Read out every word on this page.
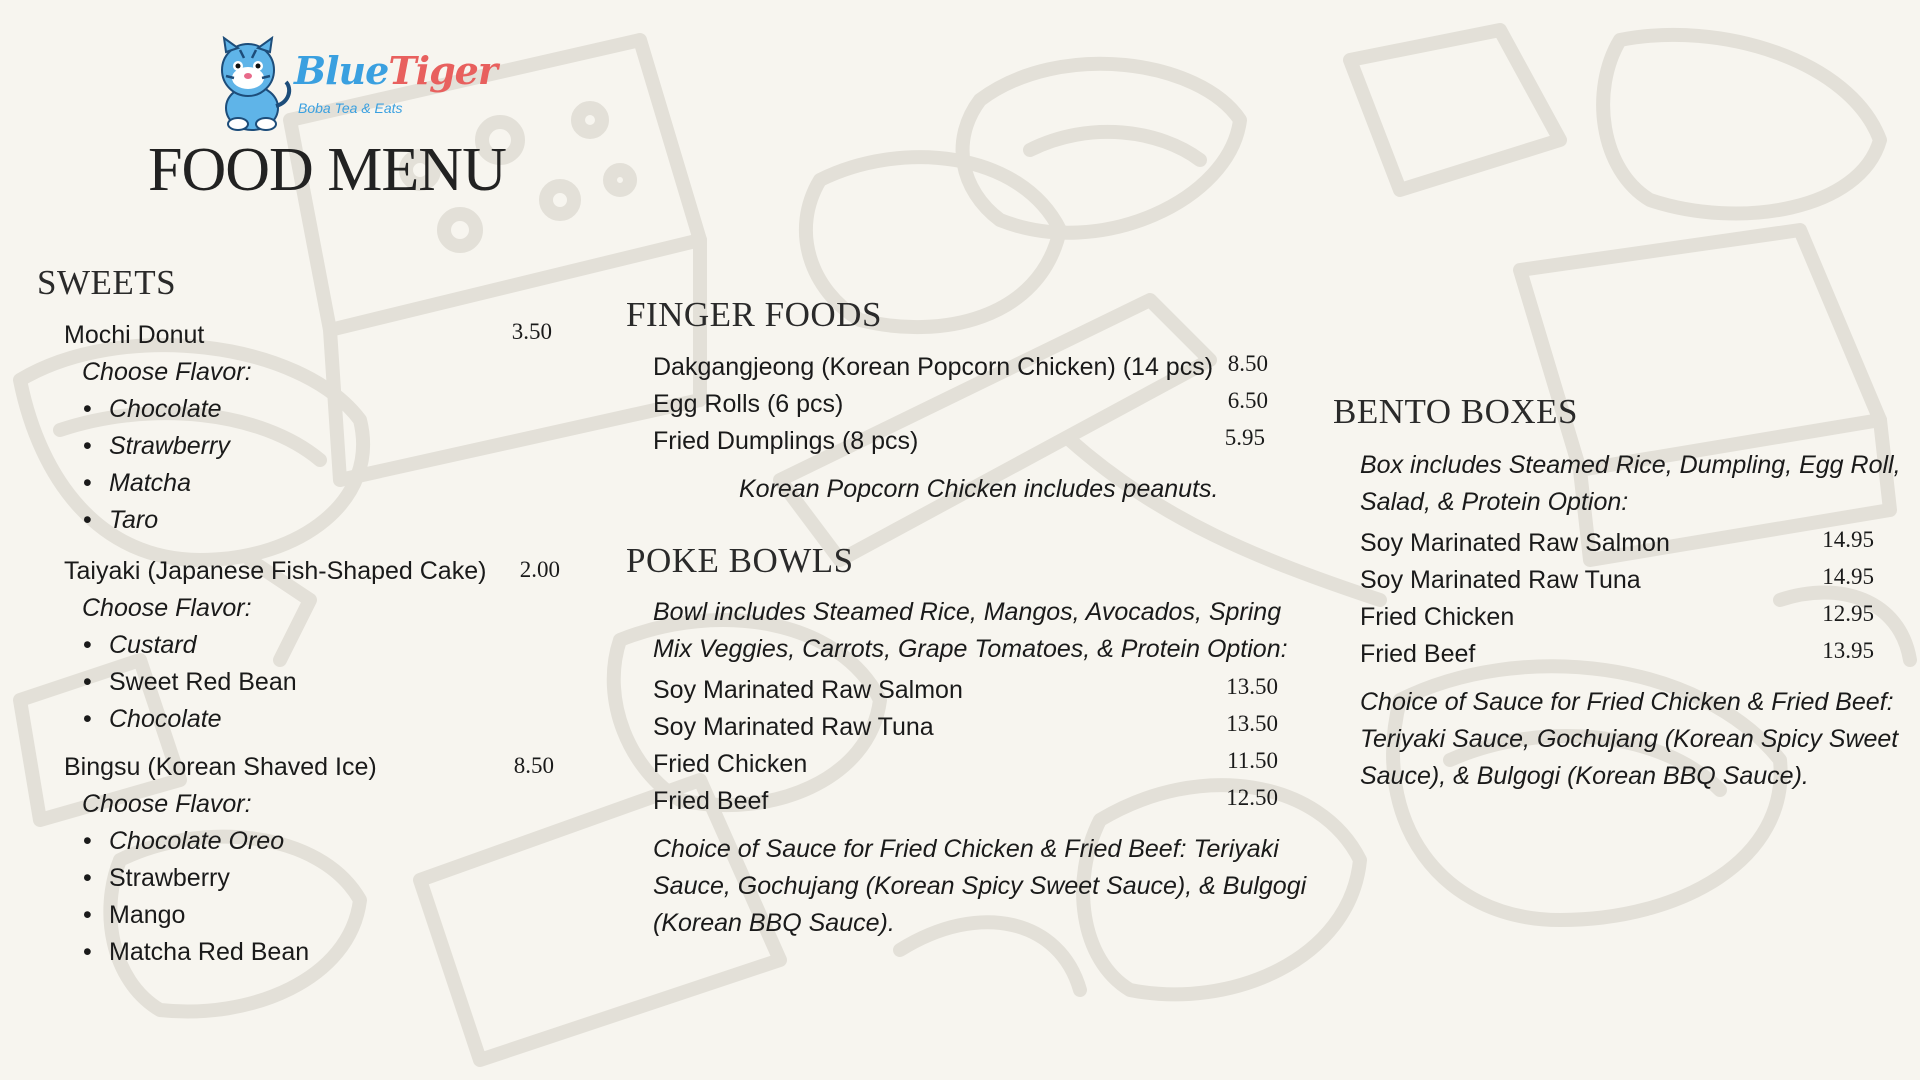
BlueTiger
Boba Tea & Eats
FOOD MENU
SWEETS
Mochi Donut	3.50
Choose Flavor:
• Chocolate
• Strawberry
• Matcha
• Taro
Taiyaki (Japanese Fish-Shaped Cake)	2.00
Choose Flavor:
• Custard
• Sweet Red Bean
• Chocolate
Bingsu (Korean Shaved Ice)	8.50
Choose Flavor:
• Chocolate Oreo
• Strawberry
• Mango
• Matcha Red Bean
FINGER FOODS
Dakgangjeong (Korean Popcorn Chicken) (14 pcs) 8.50
Egg Rolls (6 pcs)	6.50
Fried Dumplings (8 pcs)	5.95
Korean Popcorn Chicken includes peanuts.
POKE BOWLS
Bowl includes Steamed Rice, Mangos, Avocados, Spring
Mix Veggies, Carrots, Grape Tomatoes, & Protein Option:
Soy Marinated Raw Salmon	13.50
Soy Marinated Raw Tuna	13.50
Fried Chicken	11.50
Fried Beef	12.50
Choice of Sauce for Fried Chicken & Fried Beef: Teriyaki
Sauce, Gochujang (Korean Spicy Sweet Sauce), & Bulgogi
(Korean BBQ Sauce).
BENTO BOXES
Box includes Steamed Rice, Dumpling, Egg Roll,
Salad, & Protein Option:
Soy Marinated Raw Salmon	14.95
Soy Marinated Raw Tuna	14.95
Fried Chicken	12.95
Fried Beef	13.95
Choice of Sauce for Fried Chicken & Fried Beef:
Teriyaki Sauce, Gochujang (Korean Spicy Sweet
Sauce), & Bulgogi (Korean BBQ Sauce).
